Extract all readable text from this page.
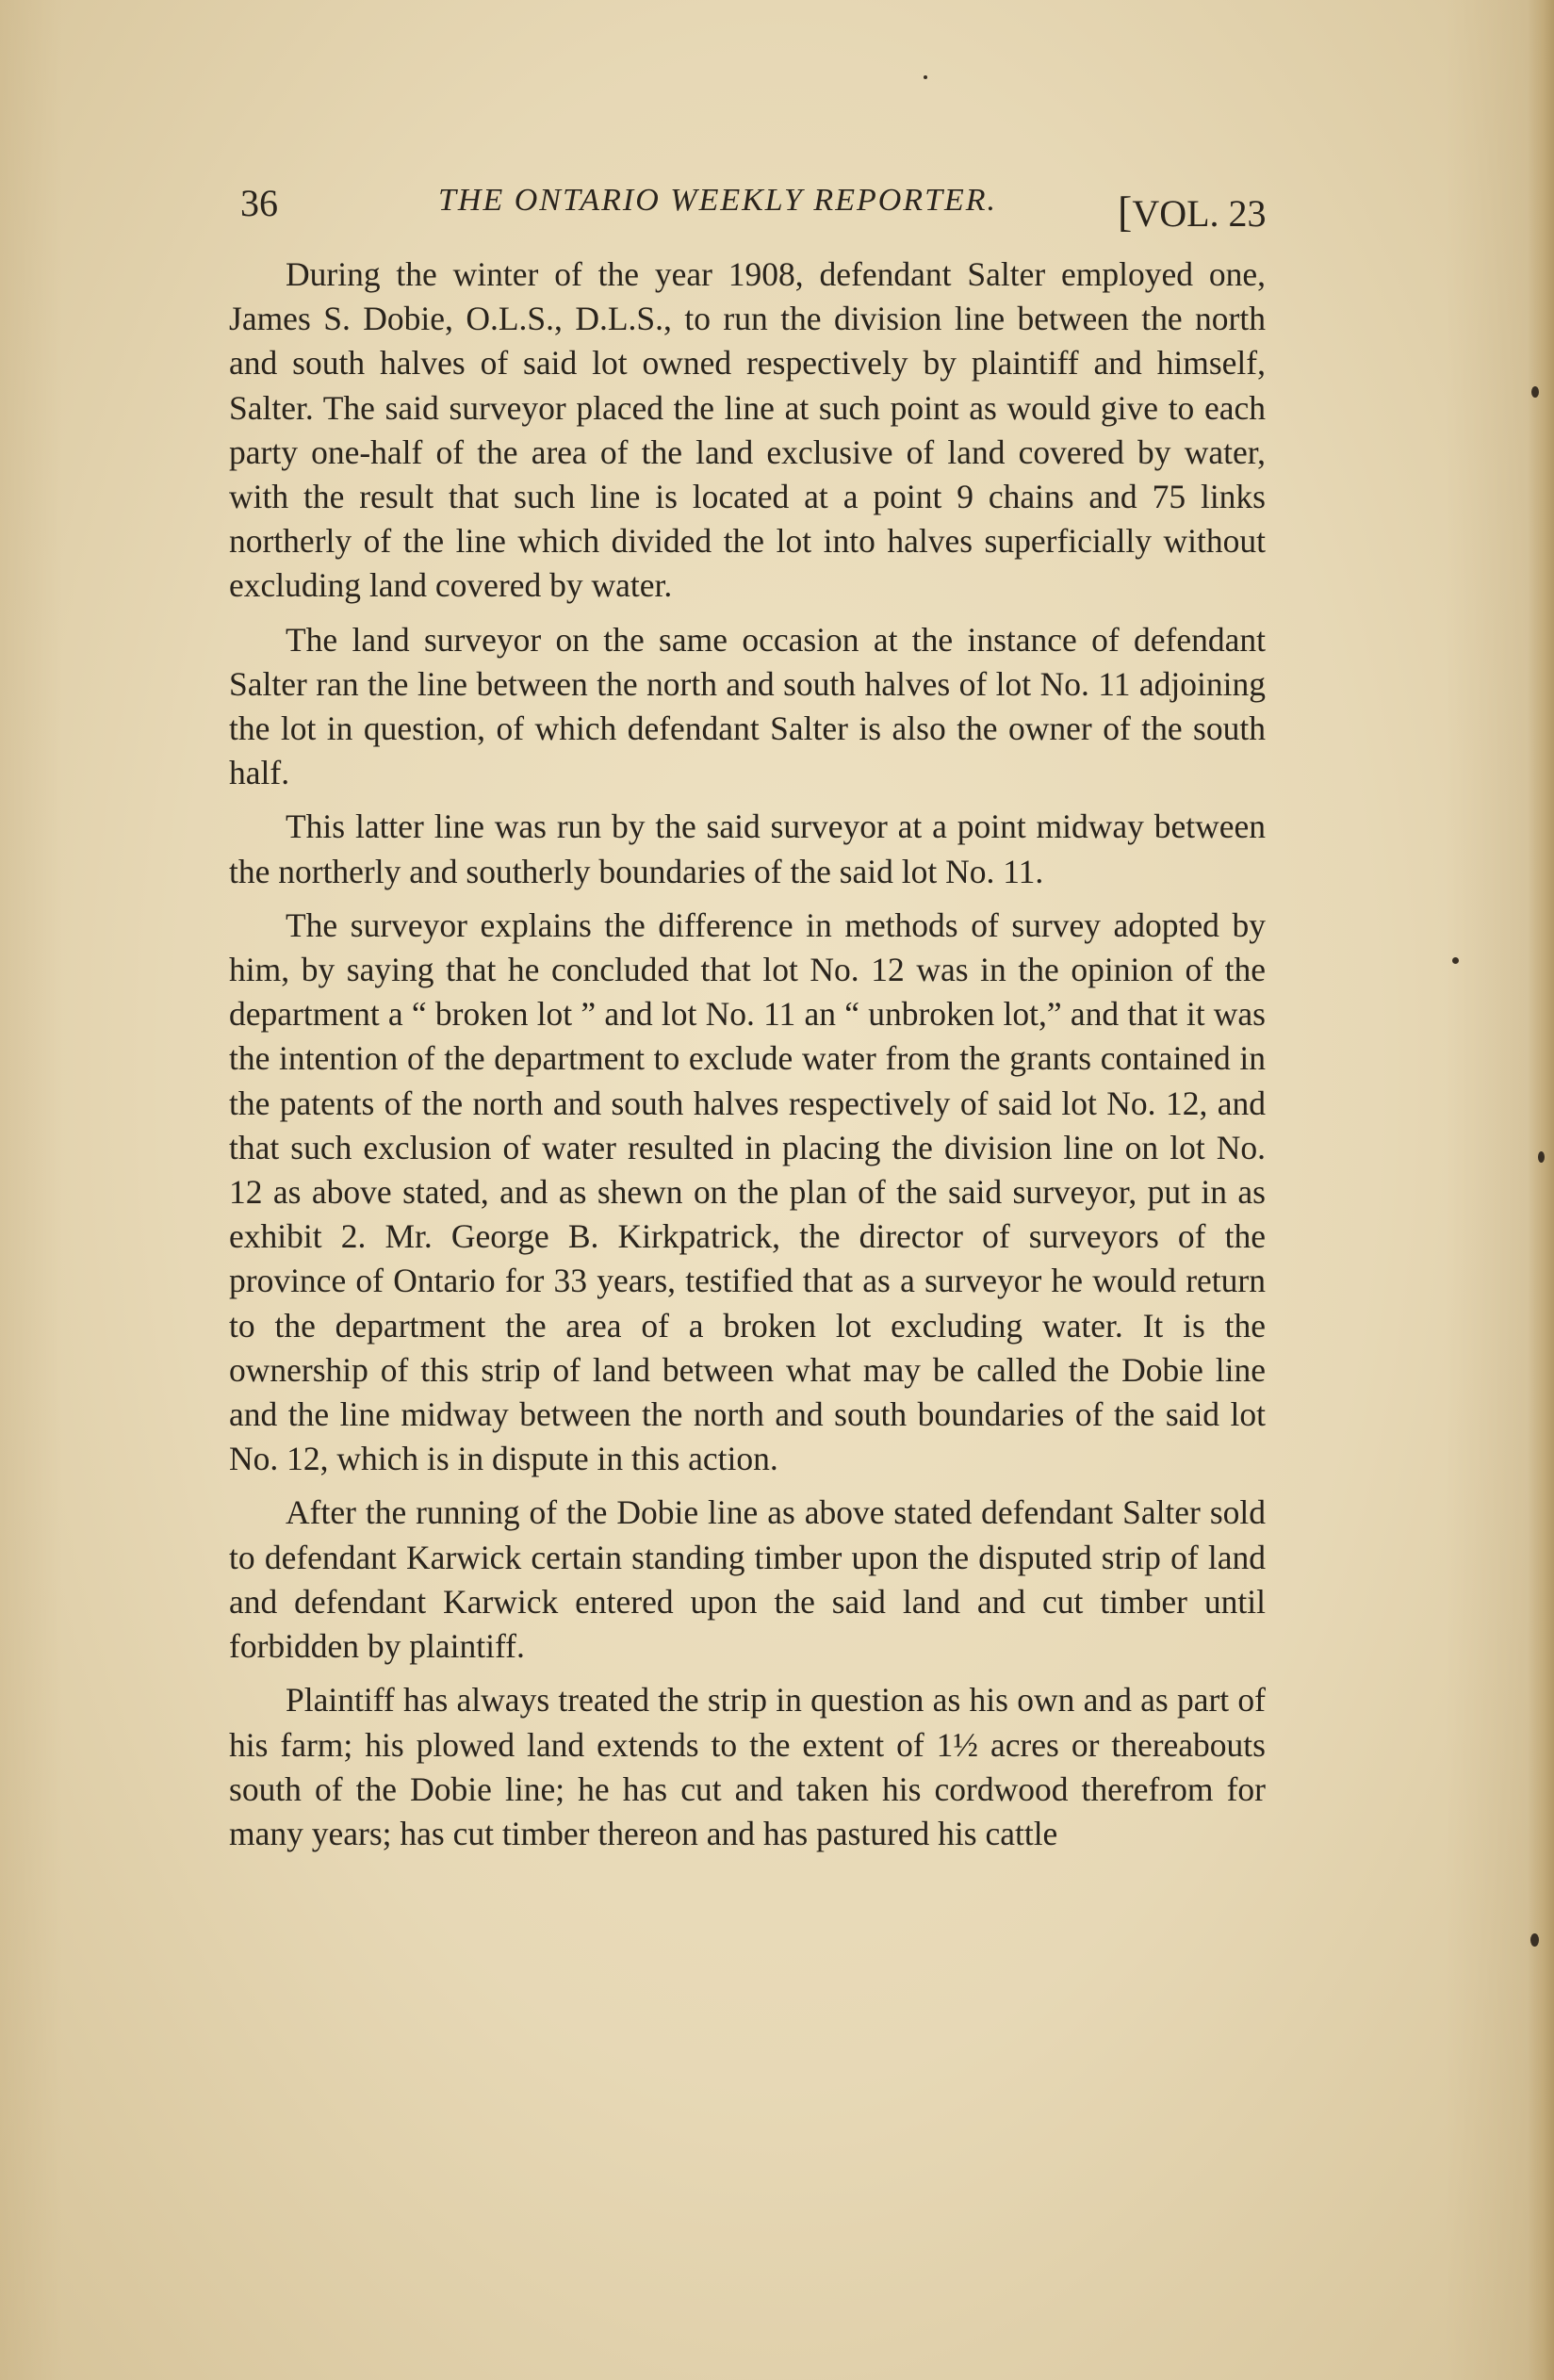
36	THE ONTARIO WEEKLY REPORTER.	[VOL. 23

During the winter of the year 1908, defendant Salter employed one, James S. Dobie, O.L.S., D.L.S., to run the division line between the north and south halves of said lot owned respectively by plaintiff and himself, Salter. The said surveyor placed the line at such point as would give to each party one-half of the area of the land exclusive of land covered by water, with the result that such line is located at a point 9 chains and 75 links northerly of the line which divided the lot into halves superficially without excluding land covered by water.

The land surveyor on the same occasion at the instance of defendant Salter ran the line between the north and south halves of lot No. 11 adjoining the lot in question, of which defendant Salter is also the owner of the south half.

This latter line was run by the said surveyor at a point midway between the northerly and southerly boundaries of the said lot No. 11.

The surveyor explains the difference in methods of survey adopted by him, by saying that he concluded that lot No. 12 was in the opinion of the department a “ broken lot ” and lot No. 11 an “ unbroken lot,” and that it was the intention of the department to exclude water from the grants contained in the patents of the north and south halves respectively of said lot No. 12, and that such exclusion of water resulted in placing the division line on lot No. 12 as above stated, and as shewn on the plan of the said surveyor, put in as exhibit 2. Mr. George B. Kirkpatrick, the director of surveyors of the province of Ontario for 33 years, testified that as a surveyor he would return to the department the area of a broken lot excluding water. It is the ownership of this strip of land between what may be called the Dobie line and the line midway between the north and south boundaries of the said lot No. 12, which is in dispute in this action.

After the running of the Dobie line as above stated defendant Salter sold to defendant Karwick certain standing timber upon the disputed strip of land and defendant Karwick entered upon the said land and cut timber until forbidden by plaintiff.

Plaintiff has always treated the strip in question as his own and as part of his farm; his plowed land extends to the extent of 1½ acres or thereabouts south of the Dobie line; he has cut and taken his cordwood therefrom for many years; has cut timber thereon and has pastured his cattle
